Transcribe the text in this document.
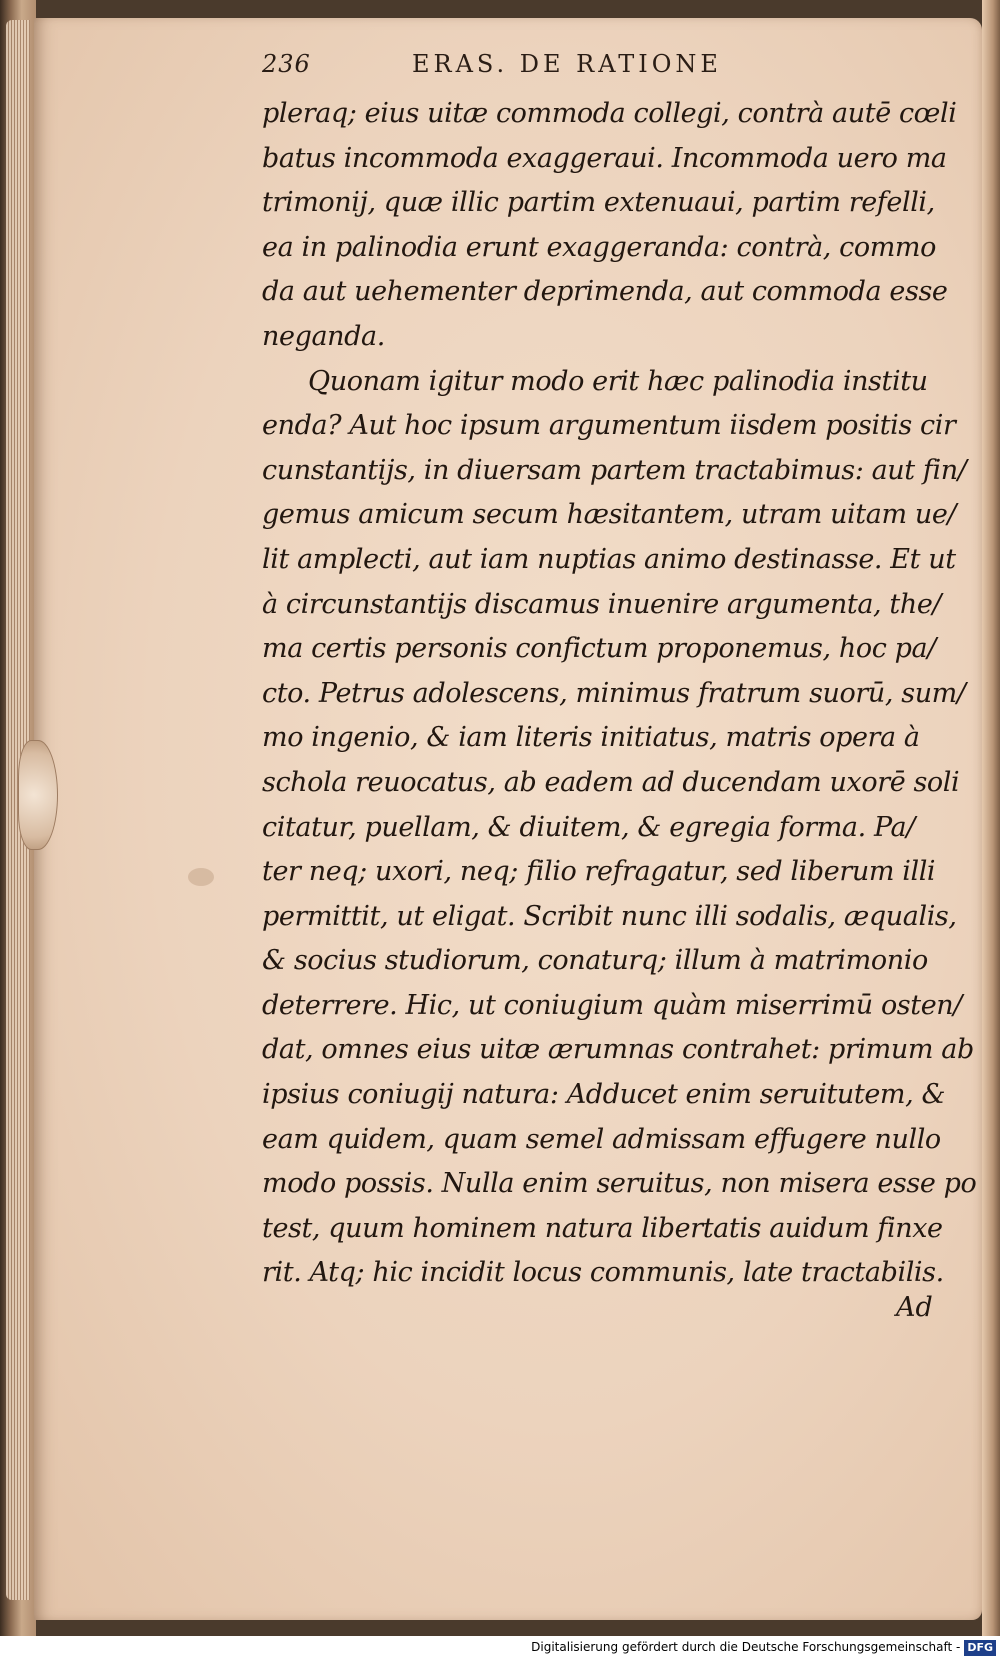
236	ERAS. DE RATIONE
pleraq; eius uitæ commoda collegi, contrà autē cœli
batus incommoda exaggeraui. Incommoda uero ma
trimonij, quæ illic partim extenuaui, partim refelli,
ea in palinodia erunt exaggeranda: contrà, commo
da aut uehementer deprimenda, aut commoda esse
neganda.
Quonam igitur modo erit hæc palinodia institu
enda? Aut hoc ipsum argumentum iisdem positis cir
cunstantijs, in diuersam partem tractabimus: aut fin/
gemus amicum secum hæsitantem, utram uitam ue/
lit amplecti, aut iam nuptias animo destinasse. Et ut
à circunstantijs discamus inuenire argumenta, the/
ma certis personis confictum proponemus, hoc pa/
cto. Petrus adolescens, minimus fratrum suorū, sum/
mo ingenio, & iam literis initiatus, matris opera à
schola reuocatus, ab eadem ad ducendam uxorē soli
citatur, puellam, & diuitem, & egregia forma. Pa/
ter neq; uxori, neq; filio refragatur, sed liberum illi
permittit, ut eligat. Scribit nunc illi sodalis, æqualis,
& socius studiorum, conaturq; illum à matrimonio
deterrere. Hic, ut coniugium quàm miserrimū osten/
dat, omnes eius uitæ ærumnas contrahet: primum ab
ipsius coniugij natura: Adducet enim seruitutem, &
eam quidem, quam semel admissam effugere nullo
modo possis. Nulla enim seruitus, non misera esse po
test, quum hominem natura libertatis auidum finxe
rit. Atq; hic incidit locus communis, late tractabilis.
Ad
Digitalisierung gefördert durch die Deutsche Forschungsgemeinschaft - DFG
